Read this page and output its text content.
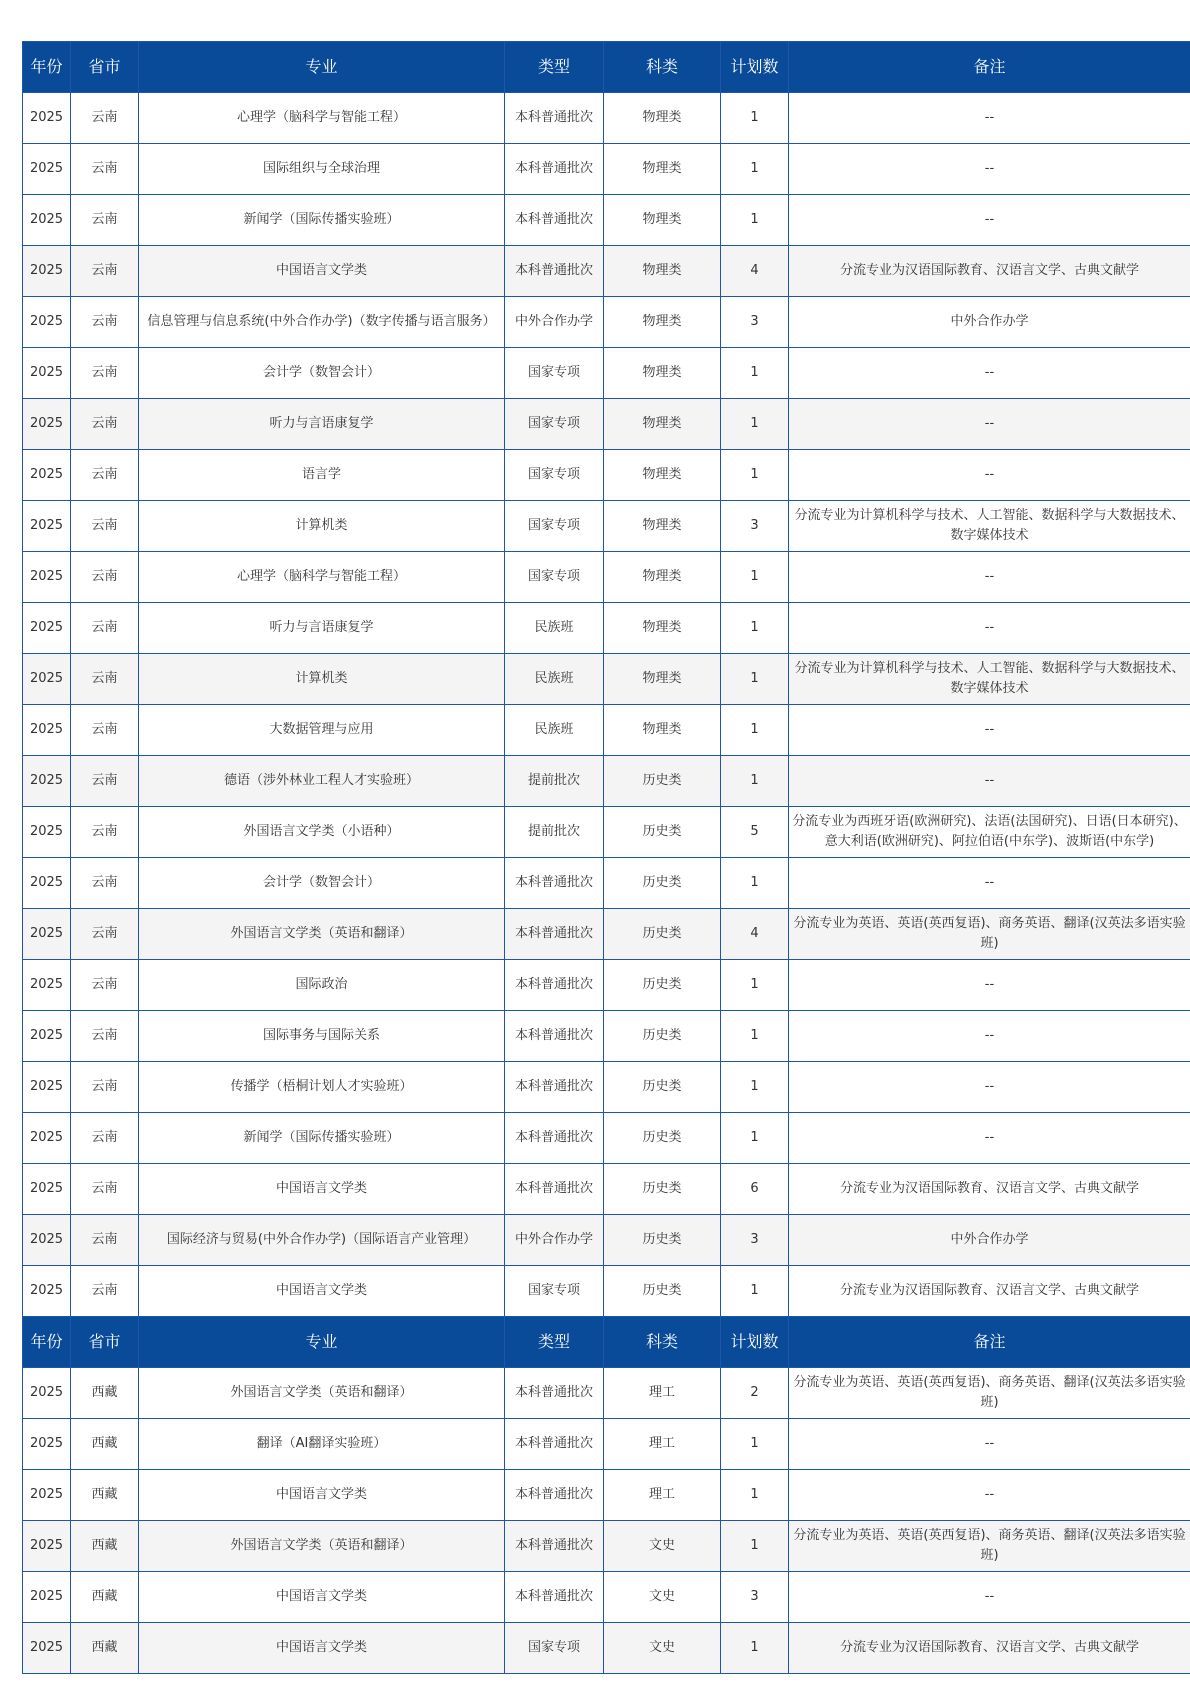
年份	省市	专业	类型	科类	计划数	备注
2025	云南	心理学（脑科学与智能工程）	本科普通批次	物理类	1	--
2025	云南	国际组织与全球治理	本科普通批次	物理类	1	--
2025	云南	新闻学（国际传播实验班）	本科普通批次	物理类	1	--
2025	云南	中国语言文学类	本科普通批次	物理类	4	分流专业为汉语国际教育、汉语言文学、古典文献学
2025	云南	信息管理与信息系统(中外合作办学)（数字传播与语言服务）	中外合作办学	物理类	3	中外合作办学
2025	云南	会计学（数智会计）	国家专项	物理类	1	--
2025	云南	听力与言语康复学	国家专项	物理类	1	--
2025	云南	语言学	国家专项	物理类	1	--
2025	云南	计算机类	国家专项	物理类	3	分流专业为计算机科学与技术、人工智能、数据科学与大数据技术、数字媒体技术
2025	云南	心理学（脑科学与智能工程）	国家专项	物理类	1	--
2025	云南	听力与言语康复学	民族班	物理类	1	--
2025	云南	计算机类	民族班	物理类	1	分流专业为计算机科学与技术、人工智能、数据科学与大数据技术、数字媒体技术
2025	云南	大数据管理与应用	民族班	物理类	1	--
2025	云南	德语（涉外林业工程人才实验班）	提前批次	历史类	1	--
2025	云南	外国语言文学类（小语种）	提前批次	历史类	5	分流专业为西班牙语(欧洲研究)、法语(法国研究)、日语(日本研究)、意大利语(欧洲研究)、阿拉伯语(中东学)、波斯语(中东学)
2025	云南	会计学（数智会计）	本科普通批次	历史类	1	--
2025	云南	外国语言文学类（英语和翻译）	本科普通批次	历史类	4	分流专业为英语、英语(英西复语)、商务英语、翻译(汉英法多语实验班)
2025	云南	国际政治	本科普通批次	历史类	1	--
2025	云南	国际事务与国际关系	本科普通批次	历史类	1	--
2025	云南	传播学（梧桐计划人才实验班）	本科普通批次	历史类	1	--
2025	云南	新闻学（国际传播实验班）	本科普通批次	历史类	1	--
2025	云南	中国语言文学类	本科普通批次	历史类	6	分流专业为汉语国际教育、汉语言文学、古典文献学
2025	云南	国际经济与贸易(中外合作办学)（国际语言产业管理）	中外合作办学	历史类	3	中外合作办学
2025	云南	中国语言文学类	国家专项	历史类	1	分流专业为汉语国际教育、汉语言文学、古典文献学
年份	省市	专业	类型	科类	计划数	备注
2025	西藏	外国语言文学类（英语和翻译）	本科普通批次	理工	2	分流专业为英语、英语(英西复语)、商务英语、翻译(汉英法多语实验班)
2025	西藏	翻译（AI翻译实验班）	本科普通批次	理工	1	--
2025	西藏	中国语言文学类	本科普通批次	理工	1	--
2025	西藏	外国语言文学类（英语和翻译）	本科普通批次	文史	1	分流专业为英语、英语(英西复语)、商务英语、翻译(汉英法多语实验班)
2025	西藏	中国语言文学类	本科普通批次	文史	3	--
2025	西藏	中国语言文学类	国家专项	文史	1	分流专业为汉语国际教育、汉语言文学、古典文献学
